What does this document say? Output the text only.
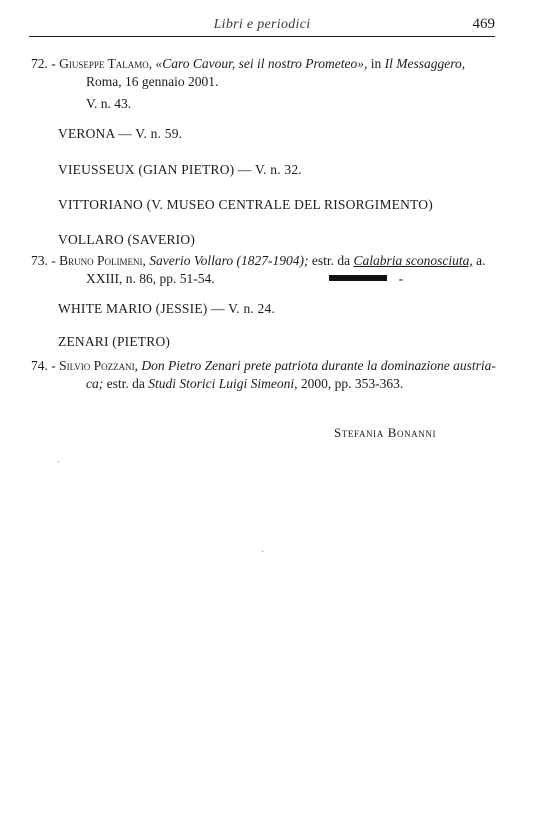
Libri e periodici	469
72. - Giuseppe Talamo, «Caro Cavour, sei il nostro Prometeo», in Il Messaggero,
Roma, 16 gennaio 2001.
V. n. 43.
VERONA — V. n. 59.
VIEUSSEUX (GIAN PIETRO) — V. n. 32.
VITTORIANO (V. MUSEO CENTRALE DEL RISORGIMENTO)
VOLLARO (SAVERIO)
73. - Bruno Polimeni, Saverio Vollaro (1827-1904); estr. da Calabria sconosciuta, a.
XXIII, n. 86, pp. 51-54.	-
WHITE MARIO (JESSIE) — V. n. 24.
ZENARI (PIETRO)
74. - Silvio Pozzani, Don Pietro Zenari prete patriota durante la dominazione austria-
ca; estr. da Studi Storici Luigi Simeoni, 2000, pp. 353-363.
Stefania Bonanni
